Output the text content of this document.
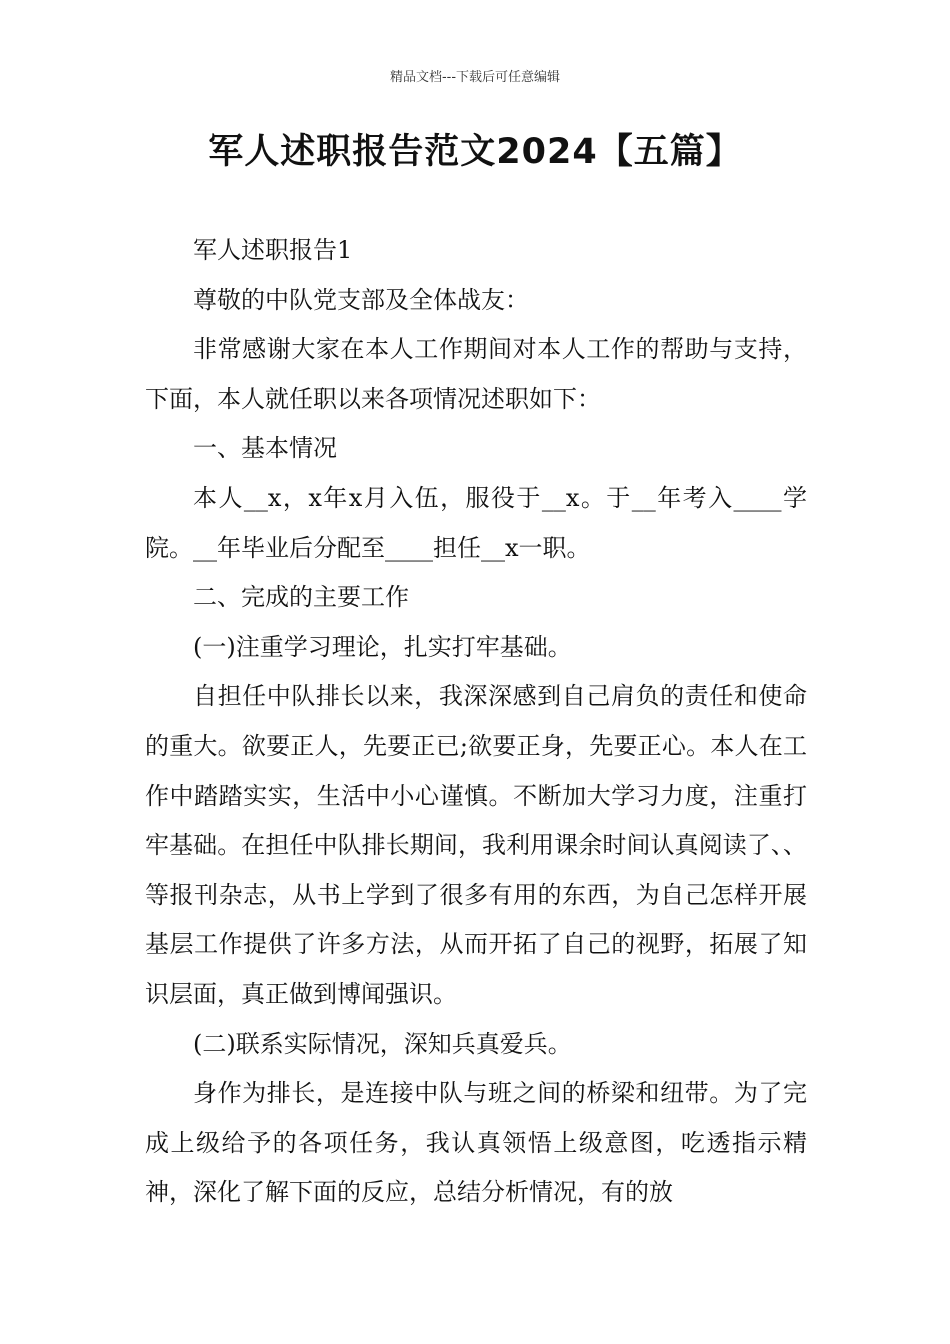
精品文档---下载后可任意编辑
军人述职报告范文2024【五篇】

军人述职报告1

尊敬的中队党支部及全体战友：

非常感谢大家在本人工作期间对本人工作的帮助与支持，下面，本人就任职以来各项情况述职如下：

一、基本情况

本人__x，x年x月入伍，服役于__x。于__年考入____学院。__年毕业后分配至____担任__x一职。

二、完成的主要工作

(一)注重学习理论，扎实打牢基础。

自担任中队排长以来，我深深感到自己肩负的责任和使命的重大。欲要正人，先要正已;欲要正身，先要正心。本人在工作中踏踏实实，生活中小心谨慎。不断加大学习力度，注重打牢基础。在担任中队排长期间，我利用课余时间认真阅读了、、等报刊杂志，从书上学到了很多有用的东西，为自己怎样开展基层工作提供了许多方法，从而开拓了自己的视野，拓展了知识层面，真正做到博闻强识。

(二)联系实际情况，深知兵真爱兵。

身作为排长，是连接中队与班之间的桥梁和纽带。为了完成上级给予的各项任务，我认真领悟上级意图，吃透指示精神，深化了解下面的反应，总结分析情况，有的放
